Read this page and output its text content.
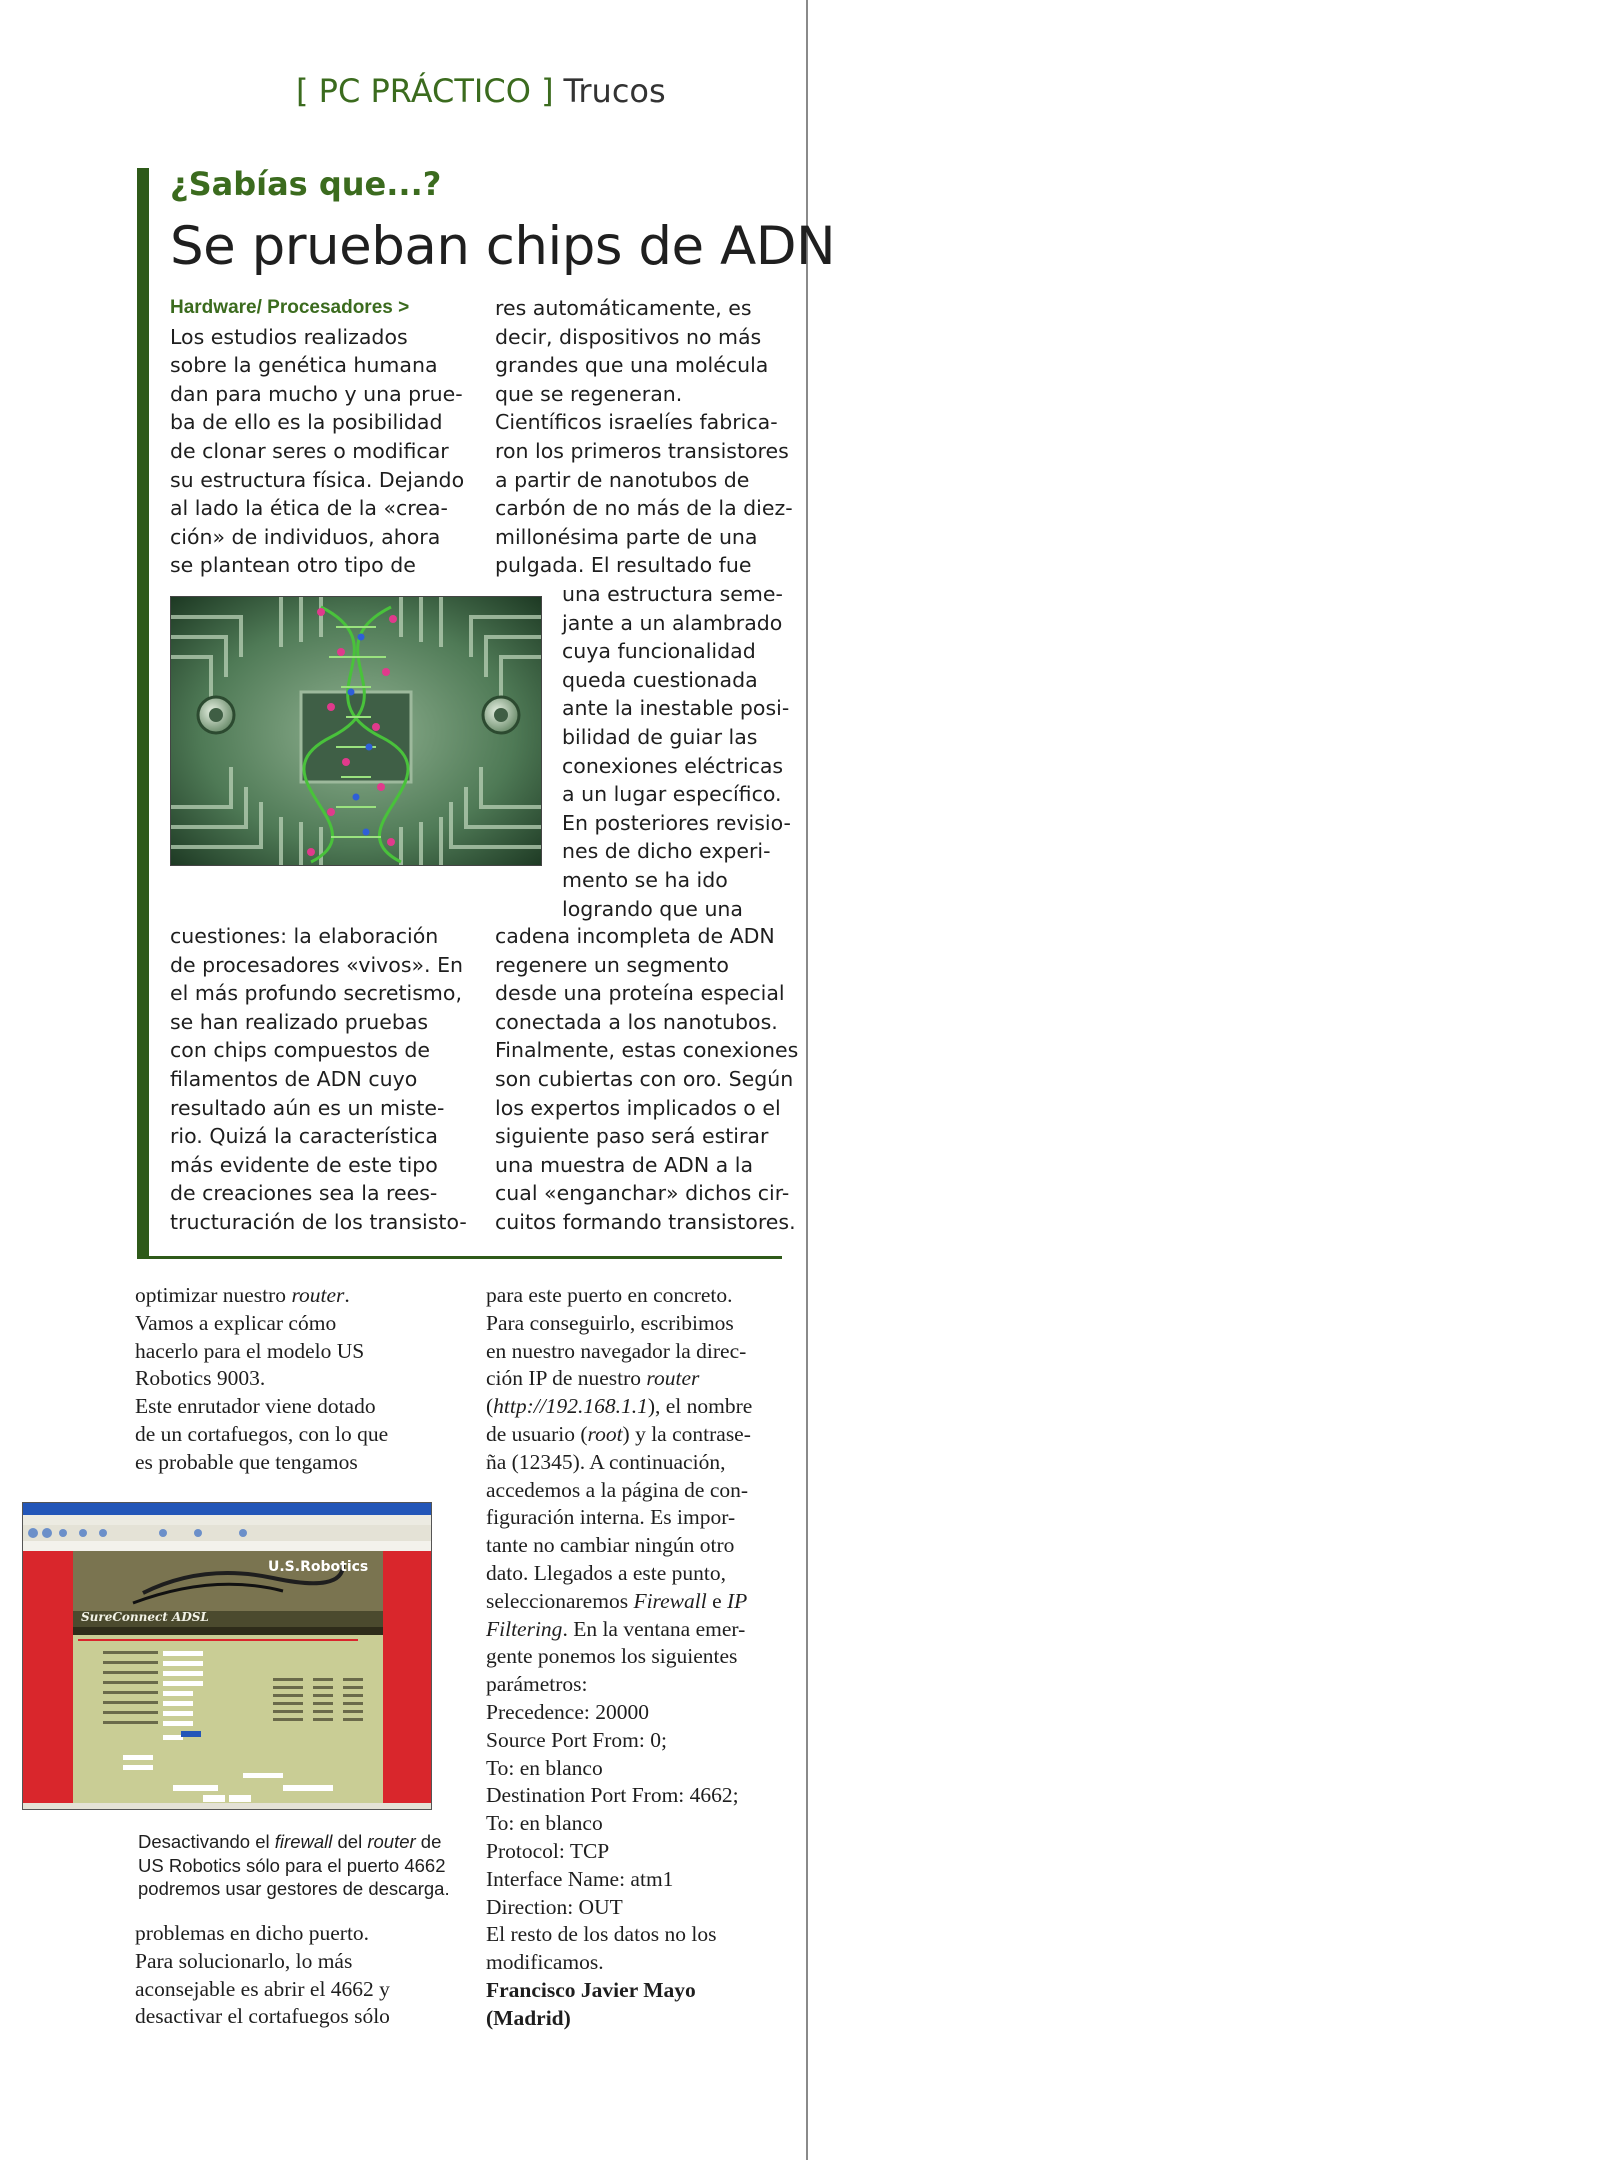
[ PC PRÁCTICO ] Trucos
¿Sabías que...?
Se prueban chips de ADN
Hardware/ Procesadores >
Los estudios realizados
sobre la genética humana
dan para mucho y una prue-
ba de ello es la posibilidad
de clonar seres o modificar
su estructura física. Dejando
al lado la ética de la «crea-
ción» de individuos, ahora
se plantean otro tipo de
cuestiones: la elaboración
de procesadores «vivos». En
el más profundo secretismo,
se han realizado pruebas
con chips compuestos de
filamentos de ADN cuyo
resultado aún es un miste-
rio. Quizá la característica
más evidente de este tipo
de creaciones sea la rees-
tructuración de los transisto-
res automáticamente, es
decir, dispositivos no más
grandes que una molécula
que se regeneran.
Científicos israelíes fabrica-
ron los primeros transistores
a partir de nanotubos de
carbón de no más de la diez-
millonésima parte de una
pulgada. El resultado fue
una estructura seme-
jante a un alambrado
cuya funcionalidad
queda cuestionada
ante la inestable posi-
bilidad de guiar las
conexiones eléctricas
a un lugar específico.
En posteriores revisio-
nes de dicho experi-
mento se ha ido
logrando que una
cadena incompleta de ADN
regenere un segmento
desde una proteína especial
conectada a los nanotubos.
Finalmente, estas conexiones
son cubiertas con oro. Según
los expertos implicados o el
siguiente paso será estirar
una muestra de ADN a la
cual «enganchar» dichos cir-
cuitos formando transistores.
optimizar nuestro router.
Vamos a explicar cómo
hacerlo para el modelo US
Robotics 9003.
Este enrutador viene dotado
de un cortafuegos, con lo que
es probable que tengamos
U.S.Robotics
SureConnect ADSL
Desactivando el firewall del router de
US Robotics sólo para el puerto 4662
podremos usar gestores de descarga.
problemas en dicho puerto.
Para solucionarlo, lo más
aconsejable es abrir el 4662 y
desactivar el cortafuegos sólo
para este puerto en concreto.
Para conseguirlo, escribimos
en nuestro navegador la direc-
ción IP de nuestro router
(http://192.168.1.1), el nombre
de usuario (root) y la contrase-
ña (12345). A continuación,
accedemos a la página de con-
figuración interna. Es impor-
tante no cambiar ningún otro
dato. Llegados a este punto,
seleccionaremos Firewall e IP
Filtering. En la ventana emer-
gente ponemos los siguientes
parámetros:
Precedence: 20000
Source Port From: 0;
To: en blanco
Destination Port From: 4662;
To: en blanco
Protocol: TCP
Interface Name: atm1
Direction: OUT
El resto de los datos no los
modificamos.
Francisco Javier Mayo
(Madrid)
